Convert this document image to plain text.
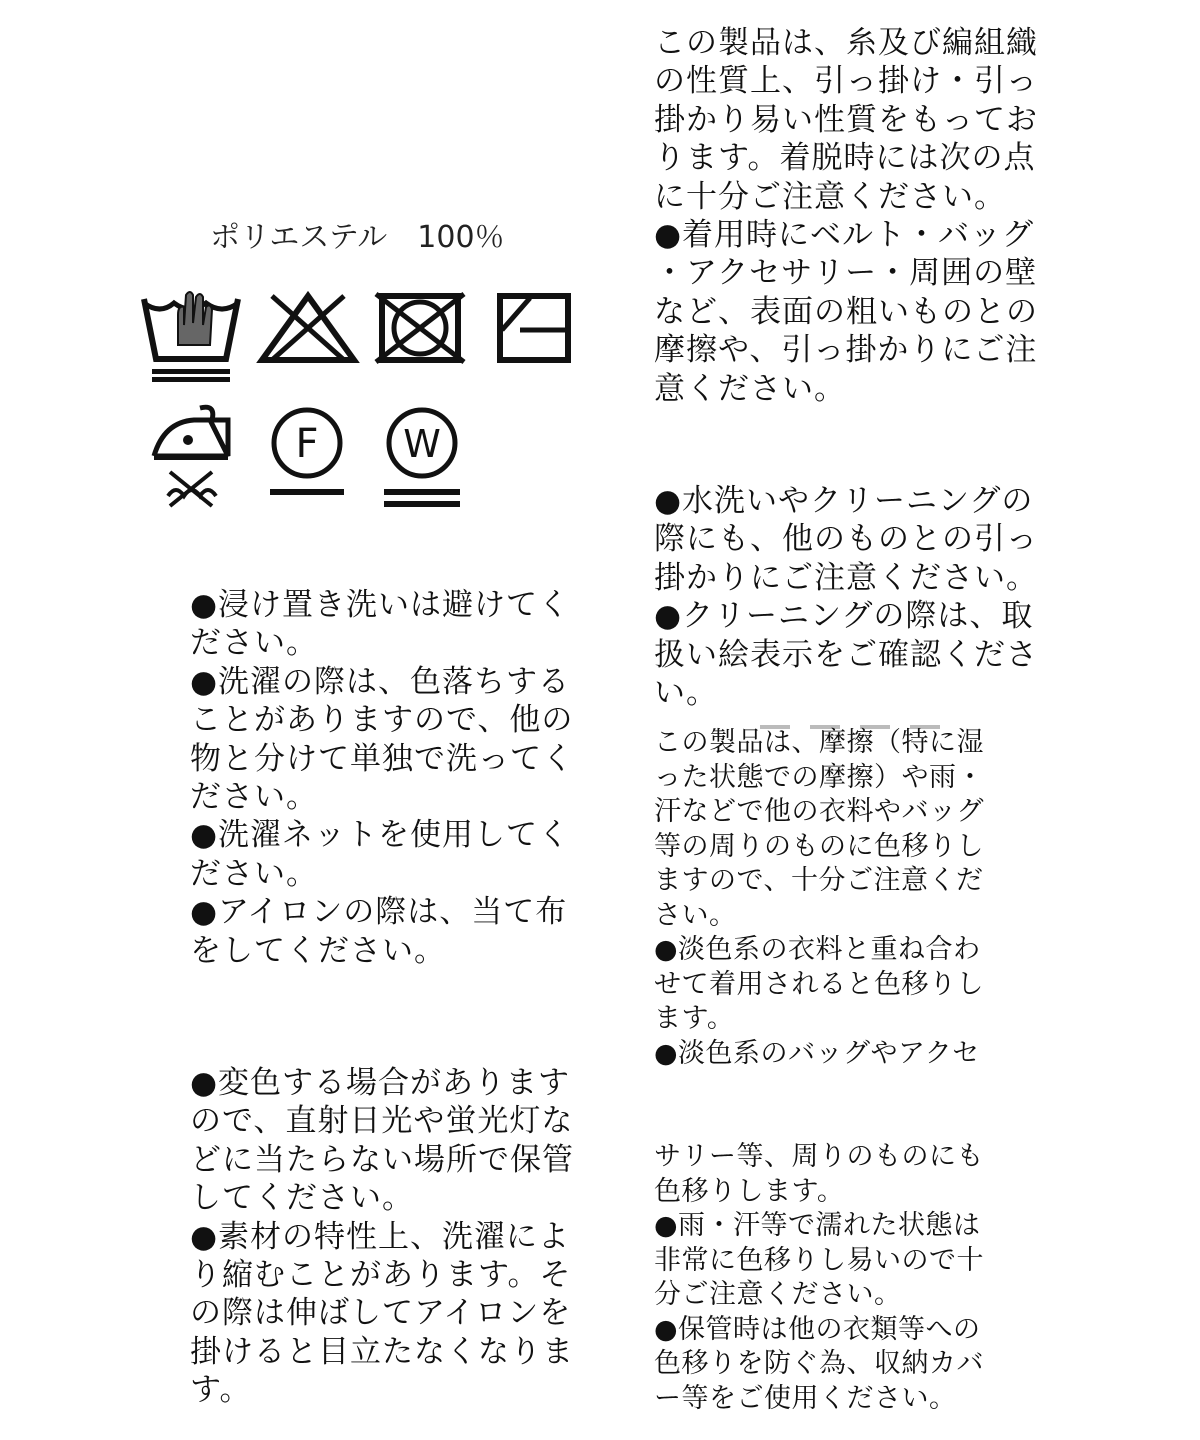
ポリエステル　100％
F W

●浸け置き洗いは避けてく
ださい。
●洗濯の際は、色落ちする
ことがありますので、他の
物と分けて単独で洗ってく
ださい。
●洗濯ネットを使用してく
ださい。
●アイロンの際は、当て布
をしてください。

●変色する場合があります
ので、直射日光や蛍光灯な
どに当たらない場所で保管
してください。
●素材の特性上、洗濯によ
り縮むことがあります。そ
の際は伸ばしてアイロンを
掛けると目立たなくなりま
す。

この製品は、糸及び編組織
の性質上、引っ掛け・引っ
掛かり易い性質をもってお
ります。着脱時には次の点
に十分ご注意ください。
●着用時にベルト・バッグ
・アクセサリー・周囲の壁
など、表面の粗いものとの
摩擦や、引っ掛かりにご注
意ください。

●水洗いやクリーニングの
際にも、他のものとの引っ
掛かりにご注意ください。
●クリーニングの際は、取
扱い絵表示をご確認くださ
い。

この製品は、摩擦（特に湿
った状態での摩擦）や雨・
汗などで他の衣料やバッグ
等の周りのものに色移りし
ますので、十分ご注意くだ
さい。
●淡色系の衣料と重ね合わ
せて着用されると色移りし
ます。
●淡色系のバッグやアクセ

サリー等、周りのものにも
色移りします。
●雨・汗等で濡れた状態は
非常に色移りし易いので十
分ご注意ください。
●保管時は他の衣類等への
色移りを防ぐ為、収納カバ
ー等をご使用ください。
